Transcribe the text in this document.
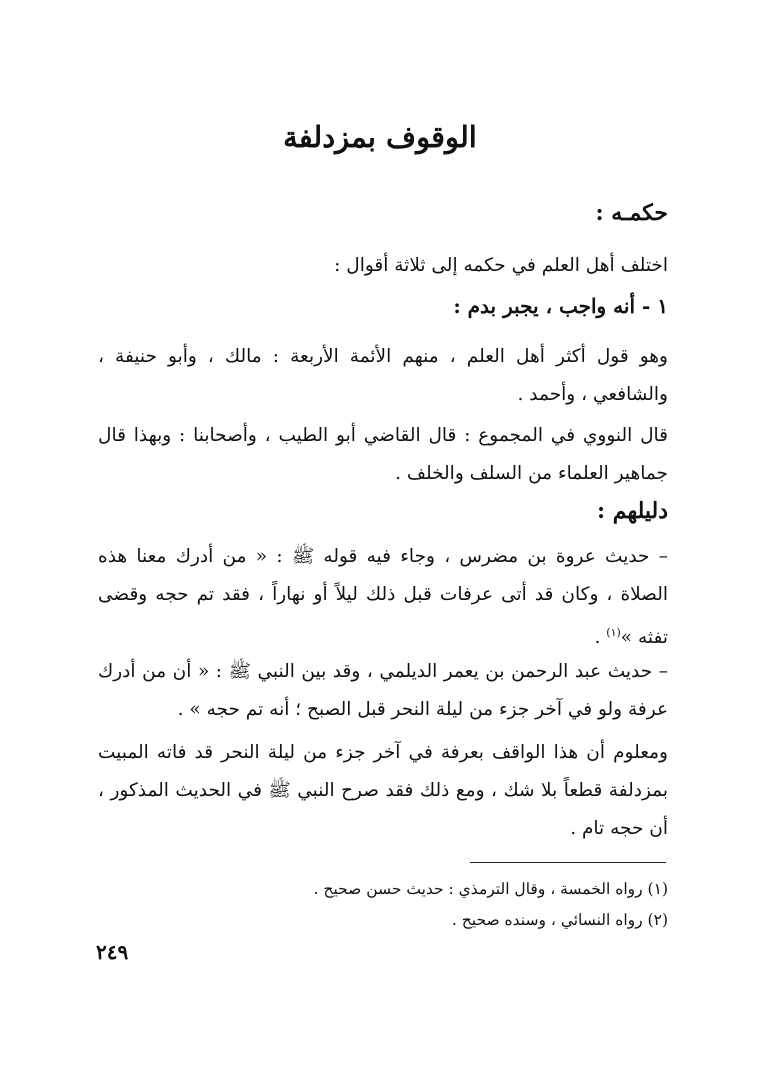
الوقوف بمزدلفة
حكمـه :

اختلف أهل العلم في حكمه إلى ثلاثة أقوال :

١ - أنه واجب ، يجبر بدم :

وهو قول أكثر أهل العلم ، منهم الأئمة الأربعة : مالك ، وأبو حنيفة ، والشافعي ، وأحمد .

قال النووي في المجموع : قال القاضي أبو الطيب ، وأصحابنا : وبهذا قال جماهير العلماء من السلف والخلف .

دليلهم :

– حديث عروة بن مضرس ، وجاء فيه قوله ﷺ : « من أدرك معنا هذه الصلاة ، وكان قد أتى عرفات قبل ذلك ليلاً أو نهاراً ، فقد تم حجه وقضى تفثه »$^{(١)}$ .

– حديث عبد الرحمن بن يعمر الديلمي ، وقد بين النبي ﷺ : « أن من أدرك عرفة ولو في آخر جزء من ليلة النحر قبل الصبح ؛ أنه تم حجه » .

ومعلوم أن هذا الواقف بعرفة في آخر جزء من ليلة النحر قد فاته المبيت بمزدلفة قطعاً بلا شك ، ومع ذلك فقد صرح النبي ﷺ في الحديث المذكور ، أن حجه تام .

(١) رواه الخمسة ، وقال الترمذي : حديث حسن صحيح .

(٢) رواه النسائي ، وسنده صحيح .

٢٤٩
